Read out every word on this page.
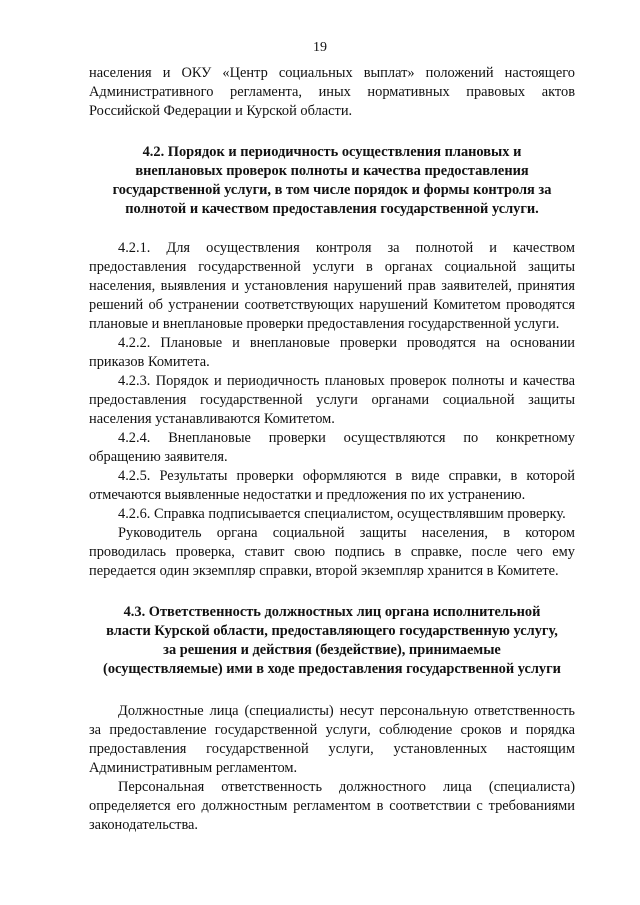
19

населения и ОКУ «Центр социальных выплат» положений настоящего Административного регламента, иных нормативных правовых актов Российской Федерации и Курской области.

4.2. Порядок и периодичность осуществления плановых и внеплановых проверок полноты и качества предоставления государственной услуги, в том числе порядок и формы контроля за полнотой и качеством предоставления государственной услуги.

4.2.1. Для осуществления контроля за полнотой и качеством предоставления государственной услуги в органах социальной защиты населения, выявления и установления нарушений прав заявителей, принятия решений об устранении соответствующих нарушений Комитетом проводятся плановые и внеплановые проверки предоставления государственной услуги.

4.2.2. Плановые и внеплановые проверки проводятся на основании приказов Комитета.

4.2.3. Порядок и периодичность плановых проверок полноты и качества предоставления государственной услуги органами социальной защиты населения устанавливаются Комитетом.

4.2.4. Внеплановые проверки осуществляются по конкретному обращению заявителя.

4.2.5. Результаты проверки оформляются в виде справки, в которой отмечаются выявленные недостатки и предложения по их устранению.

4.2.6. Справка подписывается специалистом, осуществлявшим проверку.

Руководитель органа социальной защиты населения, в котором проводилась проверка, ставит свою подпись в справке, после чего ему передается один экземпляр справки, второй экземпляр хранится в Комитете.

4.3. Ответственность должностных лиц органа исполнительной власти Курской области, предоставляющего государственную услугу, за решения и действия (бездействие), принимаемые (осуществляемые) ими в ходе предоставления государственной услуги

Должностные лица (специалисты) несут персональную ответственность за предоставление государственной услуги, соблюдение сроков и порядка предоставления государственной услуги, установленных настоящим Административным регламентом.

Персональная ответственность должностного лица (специалиста) определяется его должностным регламентом в соответствии с требованиями законодательства.
